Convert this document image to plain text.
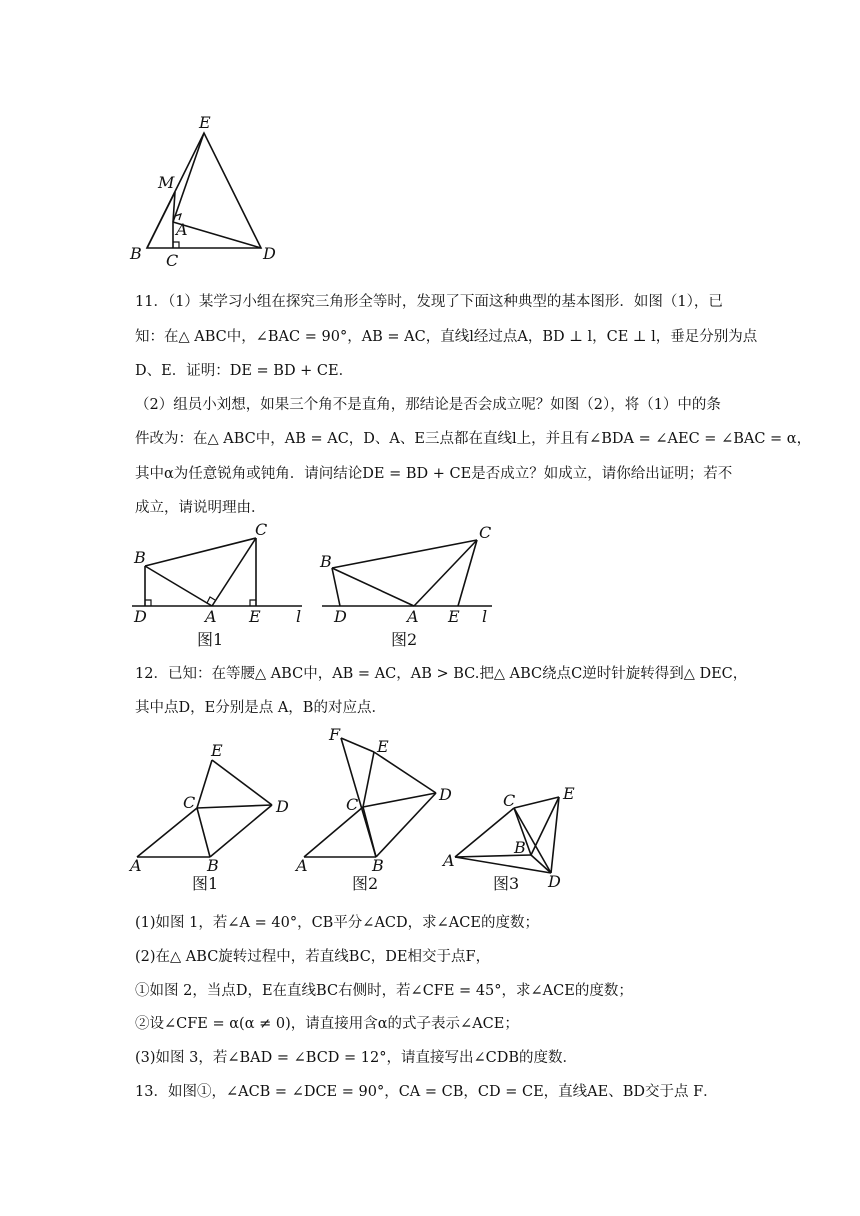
E
M
A
B C	D
11．（1）某学习小组在探究三角形全等时，发现了下面这种典型的基本图形．如图（1），已
知：在△ ABC中，∠BAC = 90°，AB = AC，直线l经过点A，BD ⊥ l，CE ⊥ l，垂足分别为点
D、E．证明：DE = BD + CE．
（2）组员小刘想，如果三个角不是直角，那结论是否会成立呢？如图（2），将（1）中的条
件改为：在△ ABC中，AB = AC，D、A、E三点都在直线l上，并且有∠BDA = ∠AEC = ∠BAC = α，
其中α为任意锐角或钝角．请问结论DE = BD + CE是否成立？如成立，请你给出证明；若不
成立，请说明理由．
B
C
D	A E l
图1
B
C
D	A E l
图2
12．已知：在等腰△ ABC中，AB = AC，AB > BC.把△ ABC绕点C逆时针旋转得到△ DEC，
其中点D，E分别是点 A，B的对应点．
E
C	D
A	B
图1
F
E
C
D
A	B
图2
C	E
B
A
D
图3
(1)如图 1，若∠A = 40°，CB平分∠ACD，求∠ACE的度数；
(2)在△ ABC旋转过程中，若直线BC，DE相交于点F，
①如图 2，当点D，E在直线BC右侧时，若∠CFE = 45°，求∠ACE的度数；
②设∠CFE = α(α ≠ 0)，请直接用含α的式子表示∠ACE；
(3)如图 3，若∠BAD = ∠BCD = 12°，请直接写出∠CDB的度数．
13．如图①，∠ACB = ∠DCE = 90°，CA = CB，CD = CE，直线AE、BD交于点 F．
